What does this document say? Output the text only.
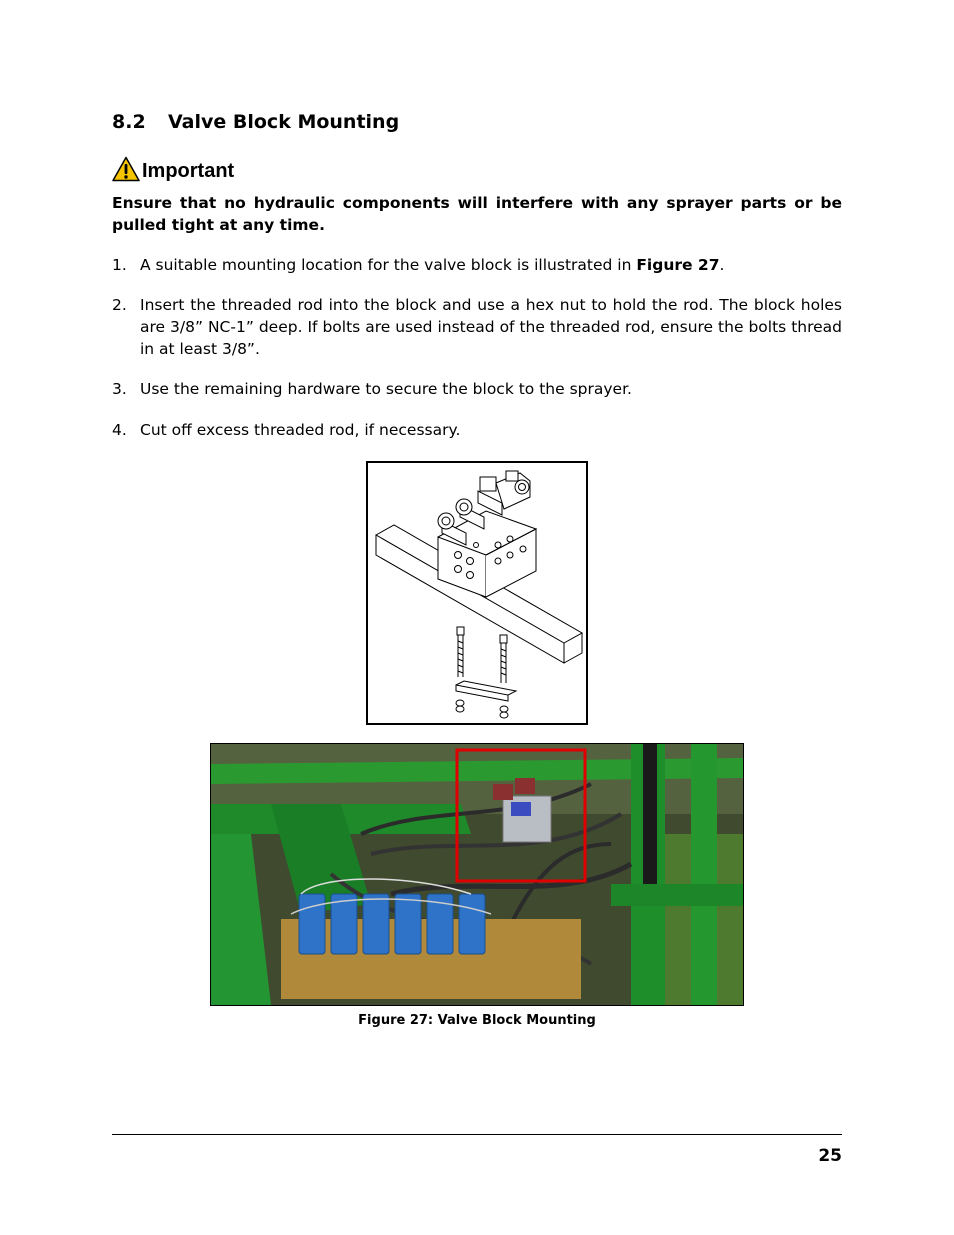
8.2 Valve Block Mounting
Important
Ensure that no hydraulic components will interfere with any sprayer parts or be pulled tight at any time.
1. A suitable mounting location for the valve block is illustrated in Figure 27.
2. Insert the threaded rod into the block and use a hex nut to hold the rod. The block holes are 3/8” NC-1” deep. If bolts are used instead of the threaded rod, ensure the bolts thread in at least 3/8”.
3. Use the remaining hardware to secure the block to the sprayer.
4. Cut off excess threaded rod, if necessary.
Figure 27: Valve Block Mounting
25
